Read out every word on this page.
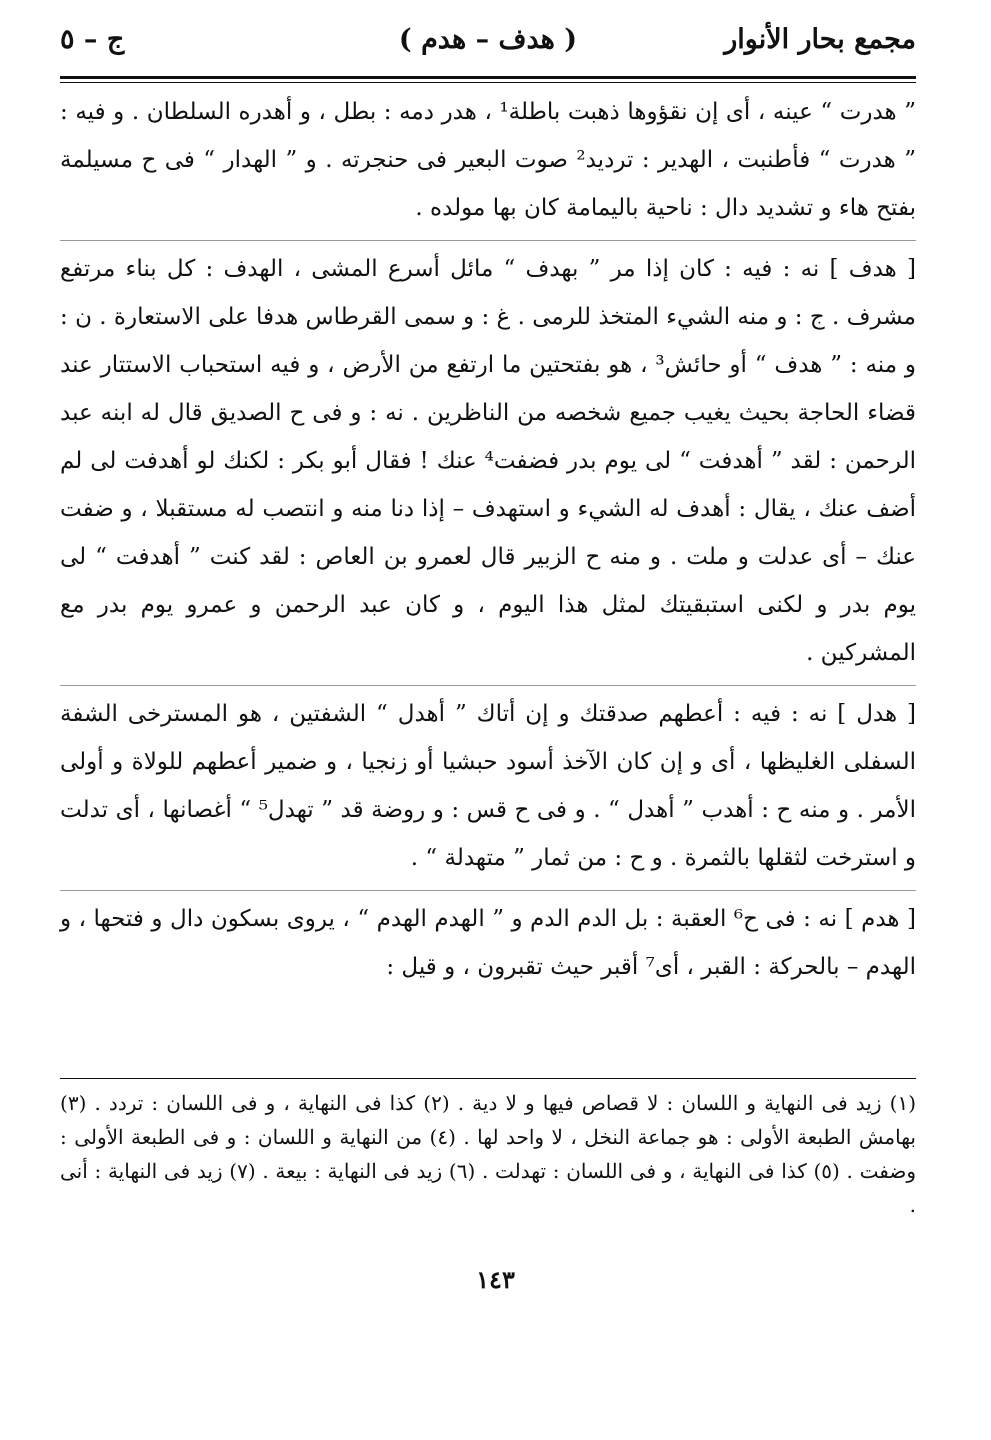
مجمع بحار الأنوار
( هدف – هدم )
ج – ٥

” هدرت “ عينه ، أى إن نقؤوها ذهبت باطلة¹ ، هدر دمه : بطل ، و أهدره السلطان . و فيه : ” هدرت “ فأطنبت ، الهدير : ترديد² صوت البعير فى حنجرته . و ” الهدار “ فى ح مسيلمة بفتح هاء و تشديد دال : ناحية باليمامة كان بها مولده .

[ هدف ] نه : فيه : كان إذا مر ” بهدف “ مائل أسرع المشى ، الهدف : كل بناء مرتفع مشرف . ج : و منه الشيء المتخذ للرمى . غ : و سمى القرطاس هدفا على الاستعارة . ن : و منه : ” هدف “ أو حائش³ ، هو بفتحتين ما ارتفع من الأرض ، و فيه استحباب الاستتار عند قضاء الحاجة بحيث يغيب جميع شخصه من الناظرين . نه : و فى ح الصديق قال له ابنه عبد الرحمن : لقد ” أهدفت “ لى يوم بدر فضفت⁴ عنك ! فقال أبو بكر : لكنك لو أهدفت لى لم أضف عنك ، يقال : أهدف له الشيء و استهدف – إذا دنا منه و انتصب له مستقبلا ، و ضفت عنك – أى عدلت و ملت . و منه ح الزبير قال لعمرو بن العاص : لقد كنت ” أهدفت “ لى يوم بدر و لكنى استبقيتك لمثل هذا اليوم ، و كان عبد الرحمن و عمرو يوم بدر مع المشركين .

[ هدل ] نه : فيه : أعطهم صدقتك و إن أتاك ” أهدل “ الشفتين ، هو المسترخى الشفة السفلى الغليظها ، أى و إن كان الآخذ أسود حبشيا أو زنجيا ، و ضمير أعطهم للولاة و أولى الأمر . و منه ح : أهدب ” أهدل “ . و فى ح قس : و روضة قد ” تهدل⁵ “ أغصانها ، أى تدلت و استرخت لثقلها بالثمرة . و ح : من ثمار ” متهدلة “ .

[ هدم ] نه : فى ح⁶ العقبة : بل الدم الدم و ” الهدم الهدم “ ، يروى بسكون دال و فتحها ، و الهدم – بالحركة : القبر ، أى⁷ أقبر حيث تقبرون ، و قيل :

(١) زيد فى النهاية و اللسان : لا قصاص فيها و لا دية . (٢) كذا فى النهاية ، و فى اللسان : تردد . (٣) بهامش الطبعة الأولى : هو جماعة النخل ، لا واحد لها . (٤) من النهاية و اللسان : و فى الطبعة الأولى : وضفت . (٥) كذا فى النهاية ، و فى اللسان : تهدلت . (٦) زيد فى النهاية : بيعة . (٧) زيد فى النهاية : أنى .

١٤٣
